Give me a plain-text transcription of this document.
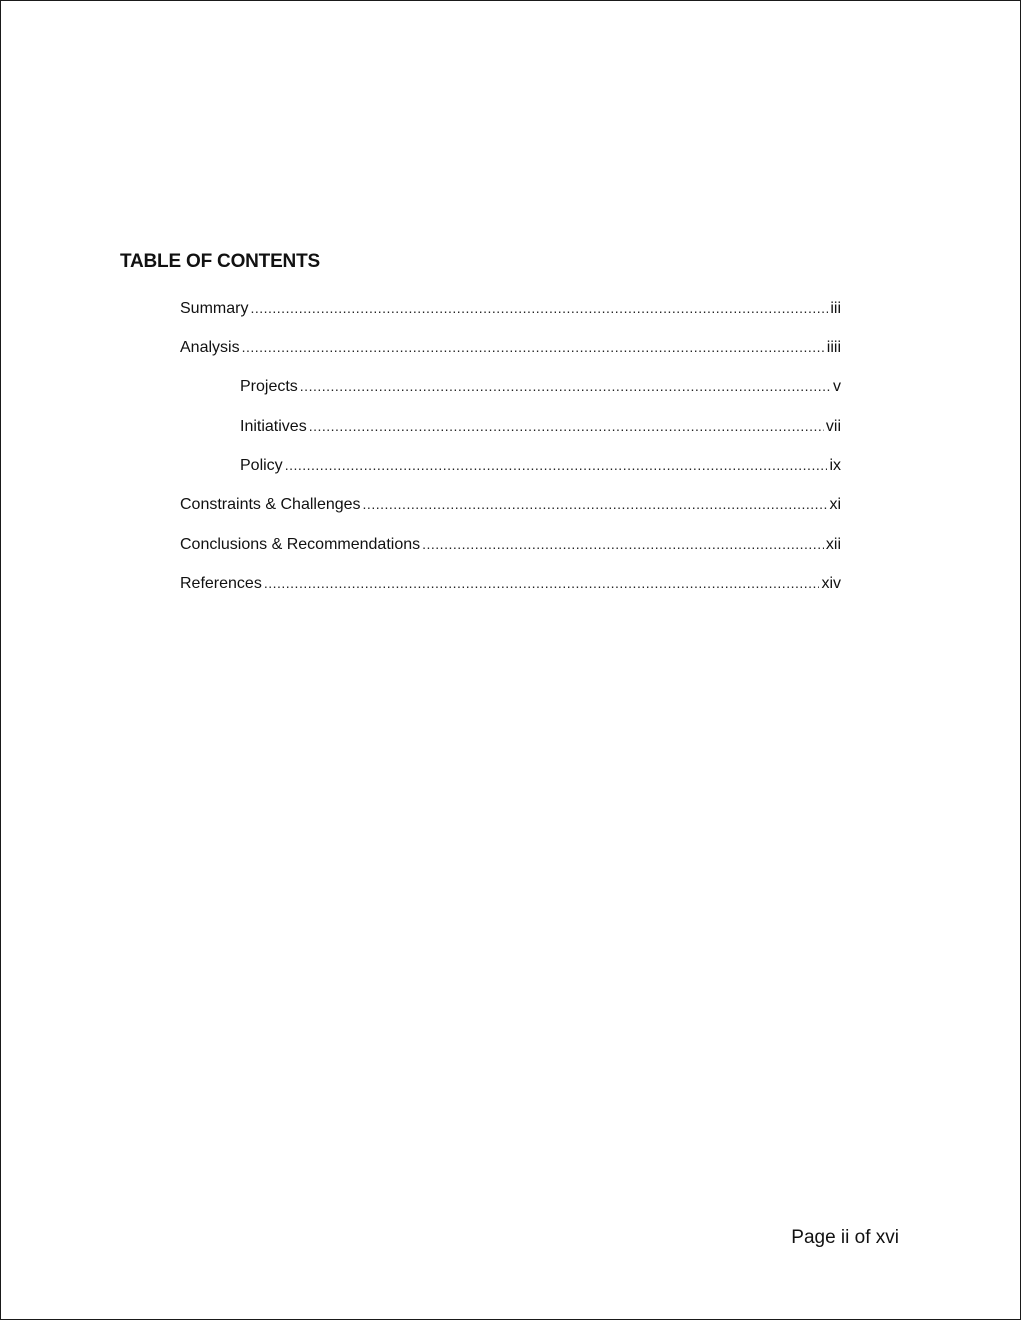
TABLE OF CONTENTS
Summary .....	iii
Analysis .....	iiii
Projects .....	v
Initiatives .....	vii
Policy .....	ix
Constraints & Challenges .....	xi
Conclusions & Recommendations .....	xii
References .....	xiv
Page ii of xvi
